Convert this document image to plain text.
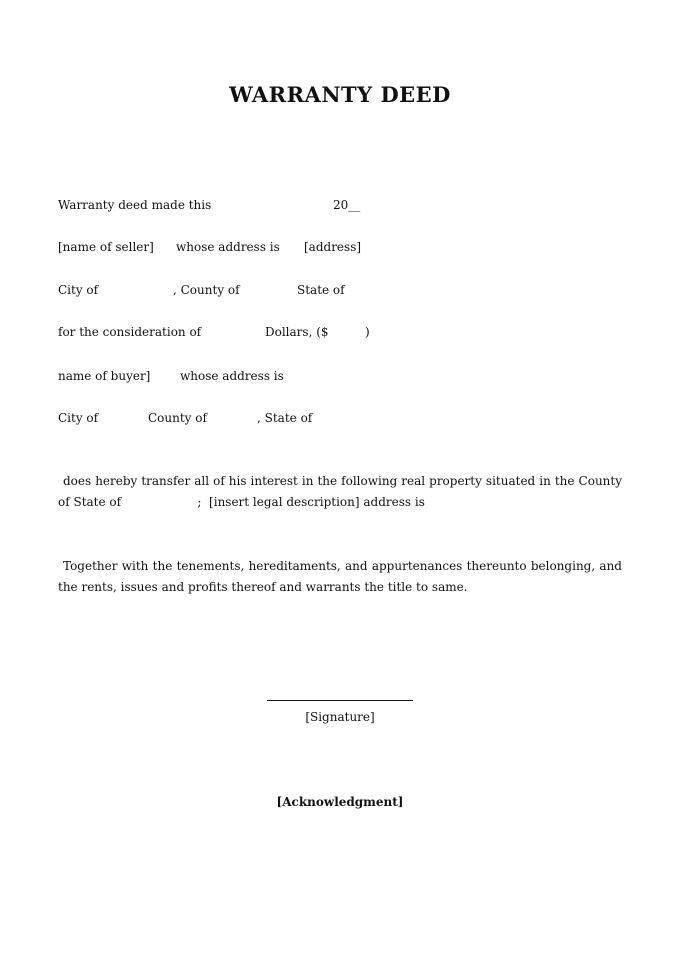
WARRANTY DEED
Warranty deed made this	20__
[name of seller] whose address is [address]
City of	, County of	State of
for the consideration of	Dollars, ($	)
name of buyer] whose address is
City of	County of	, State of
does hereby transfer all of his interest in the following real property situated in the County of State of                    ;  [insert legal description] address is
Together with the tenements, hereditaments, and appurtenances thereunto belonging, and the rents, issues and profits thereof and warrants the title to same.
[Signature]
[Acknowledgment]
